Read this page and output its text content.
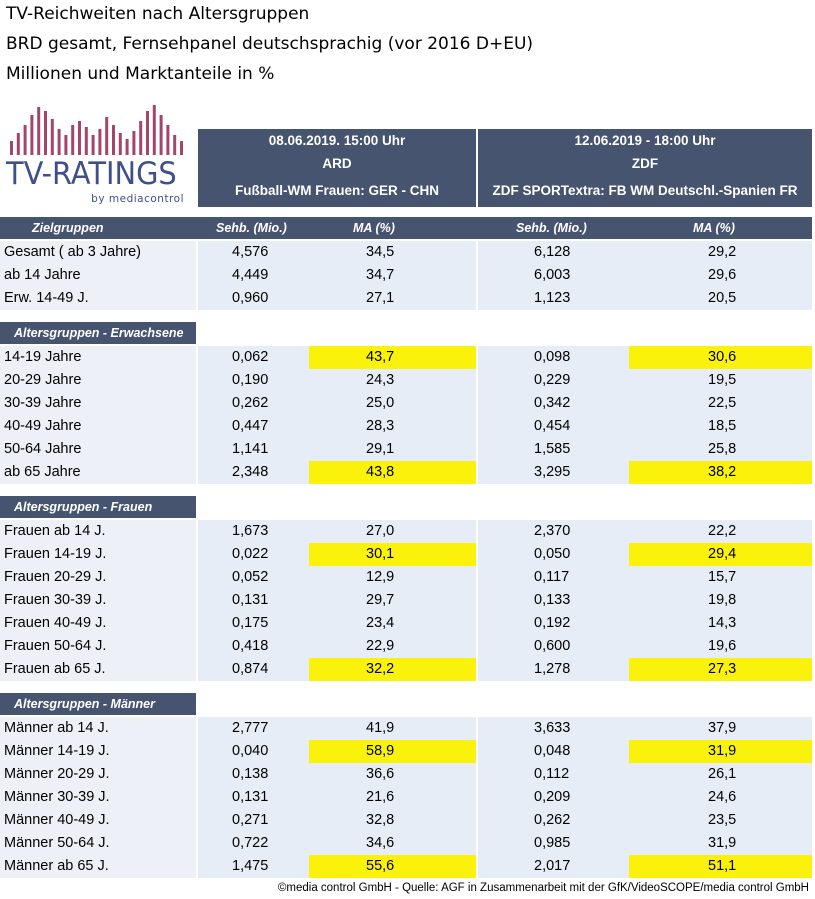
TV-Reichweiten nach Altersgruppen
BRD gesamt, Fernsehpanel deutschsprachig (vor 2016 D+EU)
Millionen und Marktanteile in %
TV-RATINGS
by mediacontrol
08.06.2019. 15:00 Uhr
ARD
Fußball-WM Frauen: GER - CHN
12.06.2019 - 18:00 Uhr
ZDF
ZDF SPORTextra: FB WM Deutschl.-Spanien FR
Zielgruppen	Sehb. (Mio.)	MA (%)	Sehb. (Mio.)	MA (%)
Gesamt ( ab 3 Jahre)	4,576	34,5	6,128	29,2
ab 14 Jahre	4,449	34,7	6,003	29,6
Erw. 14-49 J.	0,960	27,1	1,123	20,5
Altersgruppen - Erwachsene
14-19 Jahre	0,062	43,7	0,098	30,6
20-29 Jahre	0,190	24,3	0,229	19,5
30-39 Jahre	0,262	25,0	0,342	22,5
40-49 Jahre	0,447	28,3	0,454	18,5
50-64 Jahre	1,141	29,1	1,585	25,8
ab 65 Jahre	2,348	43,8	3,295	38,2
Altersgruppen - Frauen
Frauen ab 14 J.	1,673	27,0	2,370	22,2
Frauen 14-19 J.	0,022	30,1	0,050	29,4
Frauen 20-29 J.	0,052	12,9	0,117	15,7
Frauen 30-39 J.	0,131	29,7	0,133	19,8
Frauen 40-49 J.	0,175	23,4	0,192	14,3
Frauen 50-64 J.	0,418	22,9	0,600	19,6
Frauen ab 65 J.	0,874	32,2	1,278	27,3
Altersgruppen - Männer
Männer ab 14 J.	2,777	41,9	3,633	37,9
Männer 14-19 J.	0,040	58,9	0,048	31,9
Männer 20-29 J.	0,138	36,6	0,112	26,1
Männer 30-39 J.	0,131	21,6	0,209	24,6
Männer 40-49 J.	0,271	32,8	0,262	23,5
Männer 50-64 J.	0,722	34,6	0,985	31,9
Männer ab 65 J.	1,475	55,6	2,017	51,1
©media control GmbH - Quelle: AGF in Zusammenarbeit mit der GfK/VideoSCOPE/media control GmbH
